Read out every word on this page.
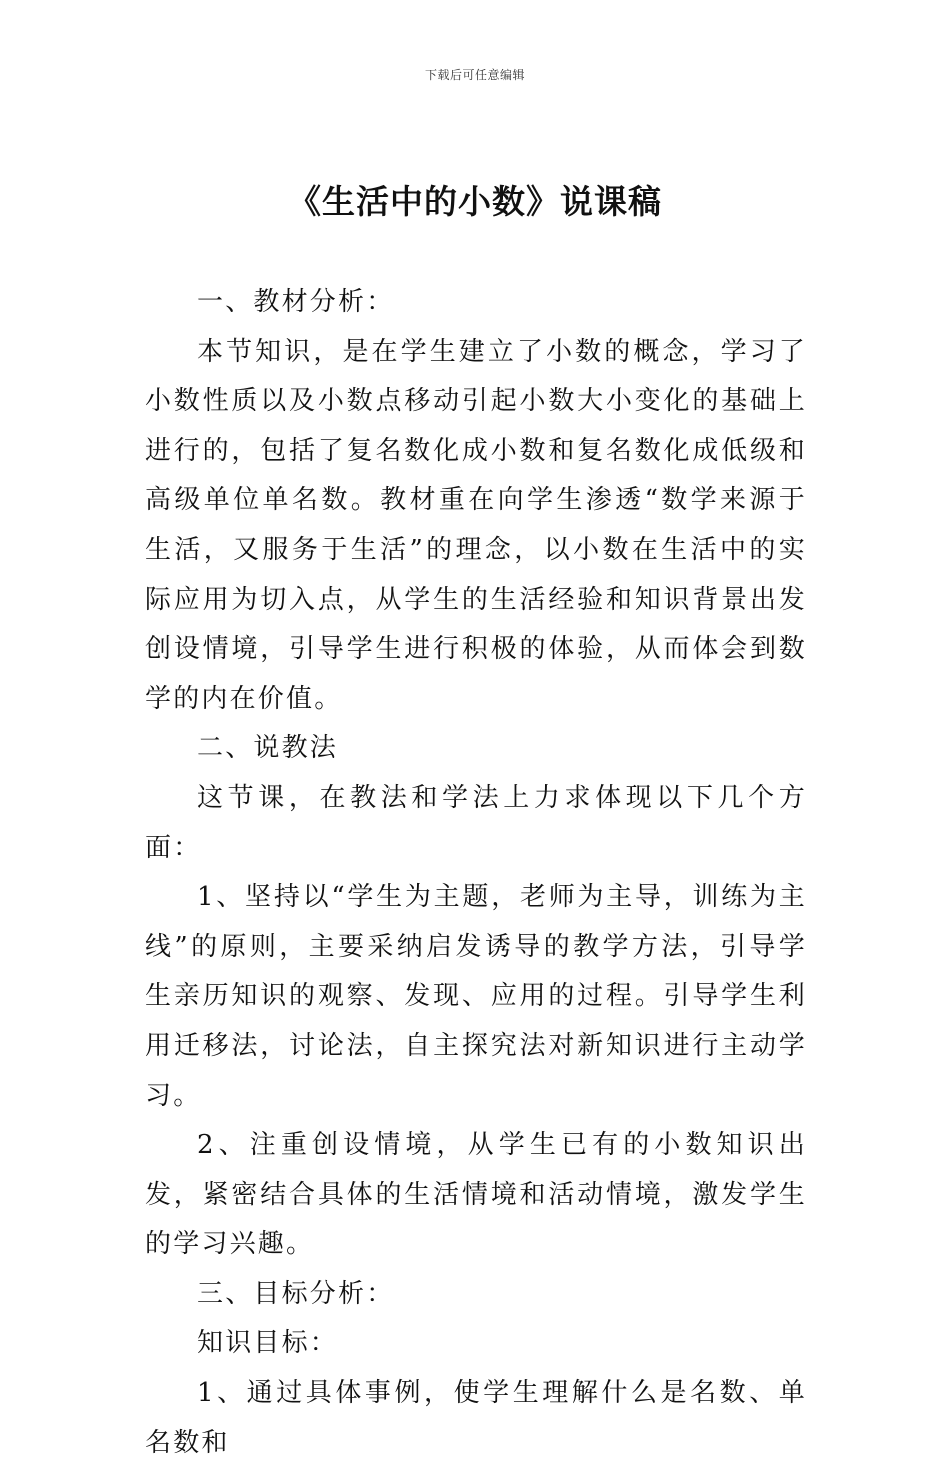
下载后可任意编辑
《生活中的小数》说课稿

一、教材分析：

本节知识，是在学生建立了小数的概念，学习了小数性质以及小数点移动引起小数大小变化的基础上进行的，包括了复名数化成小数和复名数化成低级和高级单位单名数。教材重在向学生渗透“数学来源于生活，又服务于生活”的理念，以小数在生活中的实际应用为切入点，从学生的生活经验和知识背景出发创设情境，引导学生进行积极的体验，从而体会到数学的内在价值。

二、说教法

这节课，在教法和学法上力求体现以下几个方面：

1、坚持以“学生为主题，老师为主导，训练为主线”的原则，主要采纳启发诱导的教学方法，引导学生亲历知识的观察、发现、应用的过程。引导学生利用迁移法，讨论法，自主探究法对新知识进行主动学习。

2、注重创设情境，从学生已有的小数知识出发，紧密结合具体的生活情境和活动情境，激发学生的学习兴趣。

三、目标分析：

知识目标：

1、通过具体事例，使学生理解什么是名数、单名数和
